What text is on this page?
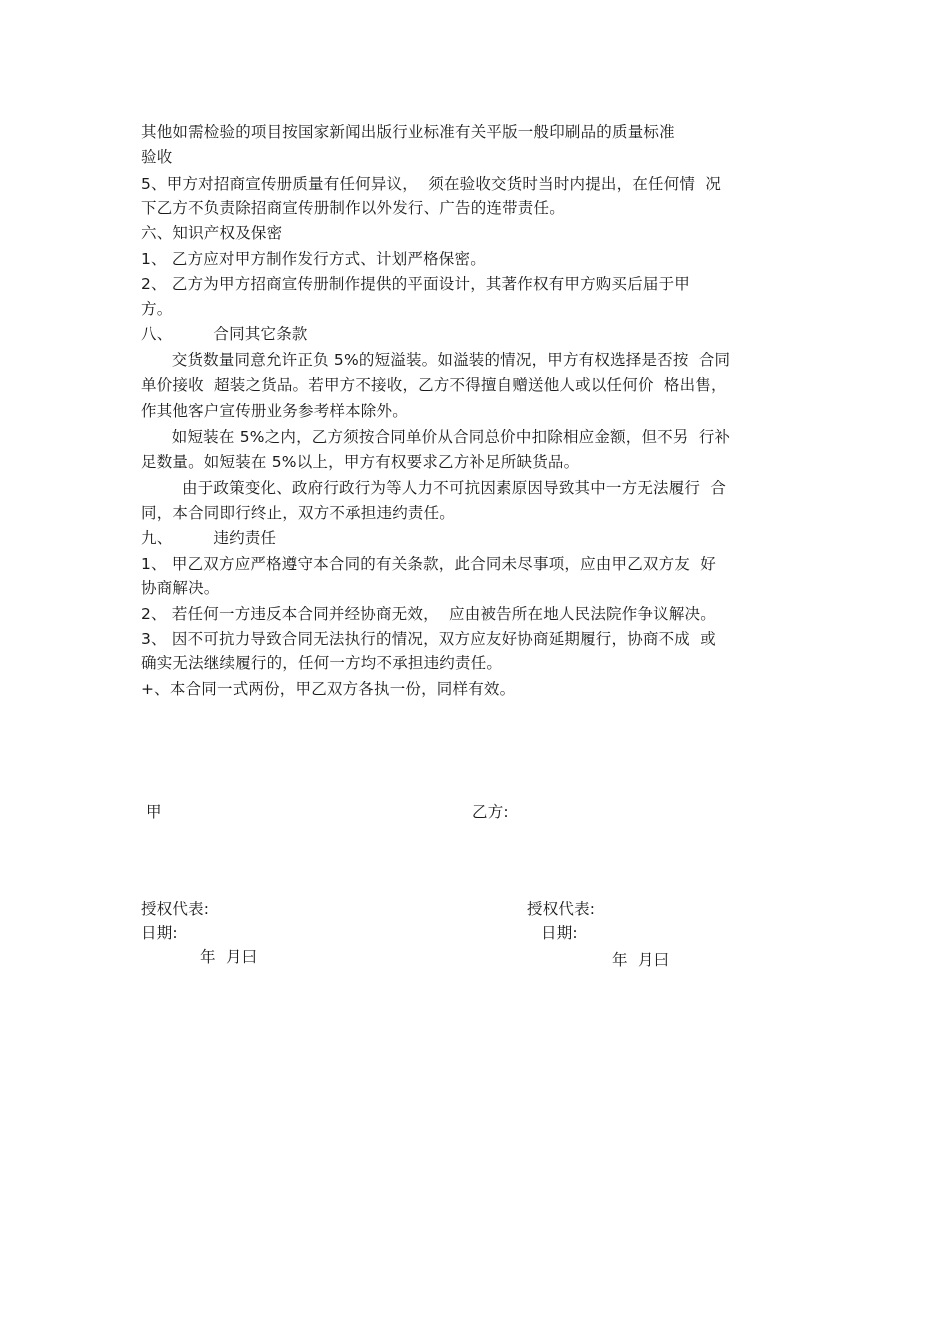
其他如需检验的项目按国家新闻出版行业标准有关平版一般印刷品的质量标准
验收
5、甲方对招商宣传册质量有任何异议，  须在验收交货时当时内提出，在任何情  况
下乙方不负责除招商宣传册制作以外发行、广告的连带责任。
六、知识产权及保密
1、 乙方应对甲方制作发行方式、计划严格保密。
2、 乙方为甲方招商宣传册制作提供的平面设计，其著作权有甲方购买后届于甲
方。
八、        合同其它条款
交货数量同意允许正负 5%的短溢装。如溢装的情况，甲方有权选择是否按  合同
单价接收  超装之货品。若甲方不接收，乙方不得擅自赠送他人或以任何价  格出售，
作其他客户宣传册业务参考样本除外。
如短装在 5%之内，乙方须按合同单价从合同总价中扣除相应金额，但不另  行补
足数量。如短装在 5%以上，甲方有权要求乙方补足所缺货品。
由于政策变化、政府行政行为等人力不可抗因素原因导致其中一方无法履行  合
同，本合同即行终止，双方不承担违约责任。
九、        违约责任
1、 甲乙双方应严格遵守本合同的有关条款，此合同未尽事项，应由甲乙双方友  好
协商解决。
2、 若任何一方违反本合同并经协商无效，  应由被告所在地人民法院作争议解决。
3、 因不可抗力导致合同无法执行的情况，双方应友好协商延期履行，协商不成  或
确实无法继续履行的，任何一方均不承担违约责任。
+、本合同一式两份，甲乙双方各执一份，同样有效。
甲	乙方:
授权代表:	授权代表:
日期:	日期:
年  月曰	年  月曰
